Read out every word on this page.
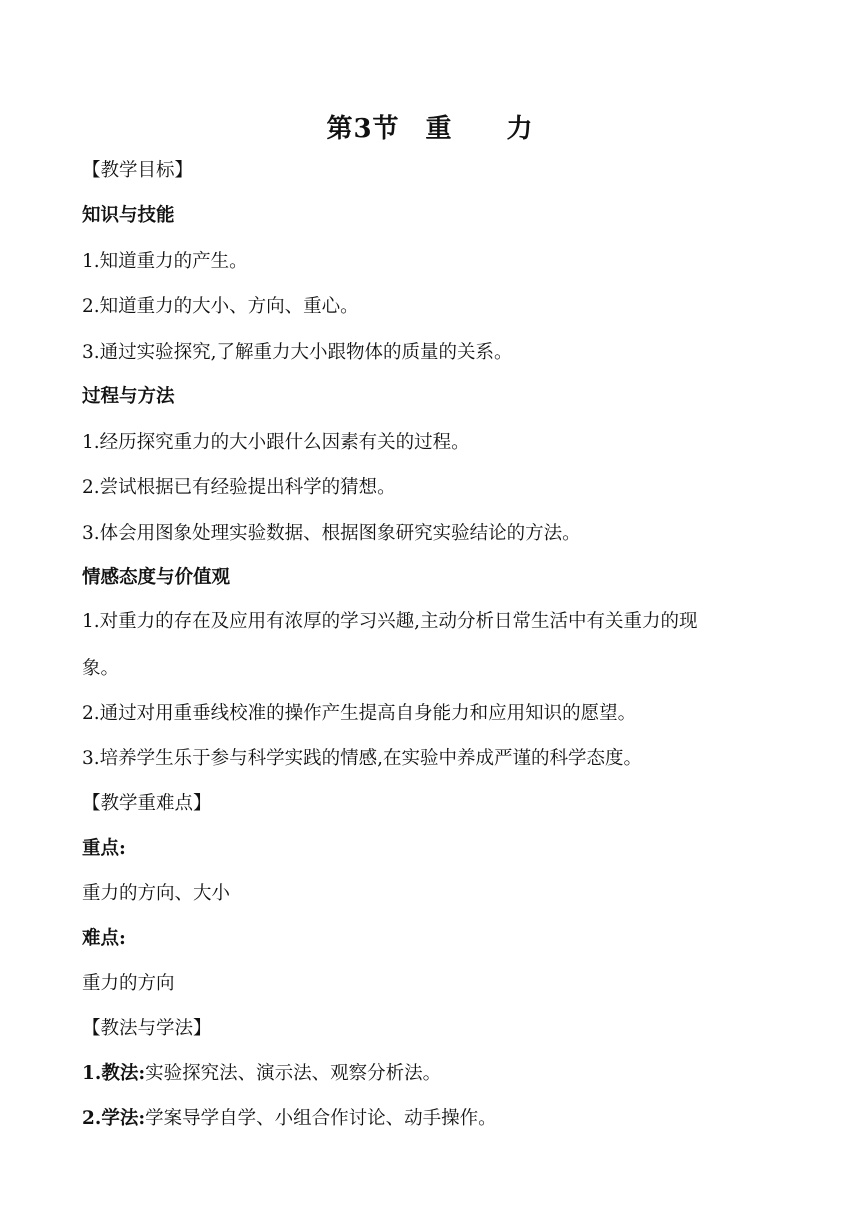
第3节 重 力
【教学目标】
知识与技能
1.知道重力的产生。
2.知道重力的大小、方向、重心。
3.通过实验探究,了解重力大小跟物体的质量的关系。
过程与方法
1.经历探究重力的大小跟什么因素有关的过程。
2.尝试根据已有经验提出科学的猜想。
3.体会用图象处理实验数据、根据图象研究实验结论的方法。
情感态度与价值观
1.对重力的存在及应用有浓厚的学习兴趣,主动分析日常生活中有关重力的现
象。
2.通过对用重垂线校准的操作产生提高自身能力和应用知识的愿望。
3.培养学生乐于参与科学实践的情感,在实验中养成严谨的科学态度。
【教学重难点】
重点:
重力的方向、大小
难点:
重力的方向
【教法与学法】
1.教法:实验探究法、演示法、观察分析法。
2.学法:学案导学自学、小组合作讨论、动手操作。
